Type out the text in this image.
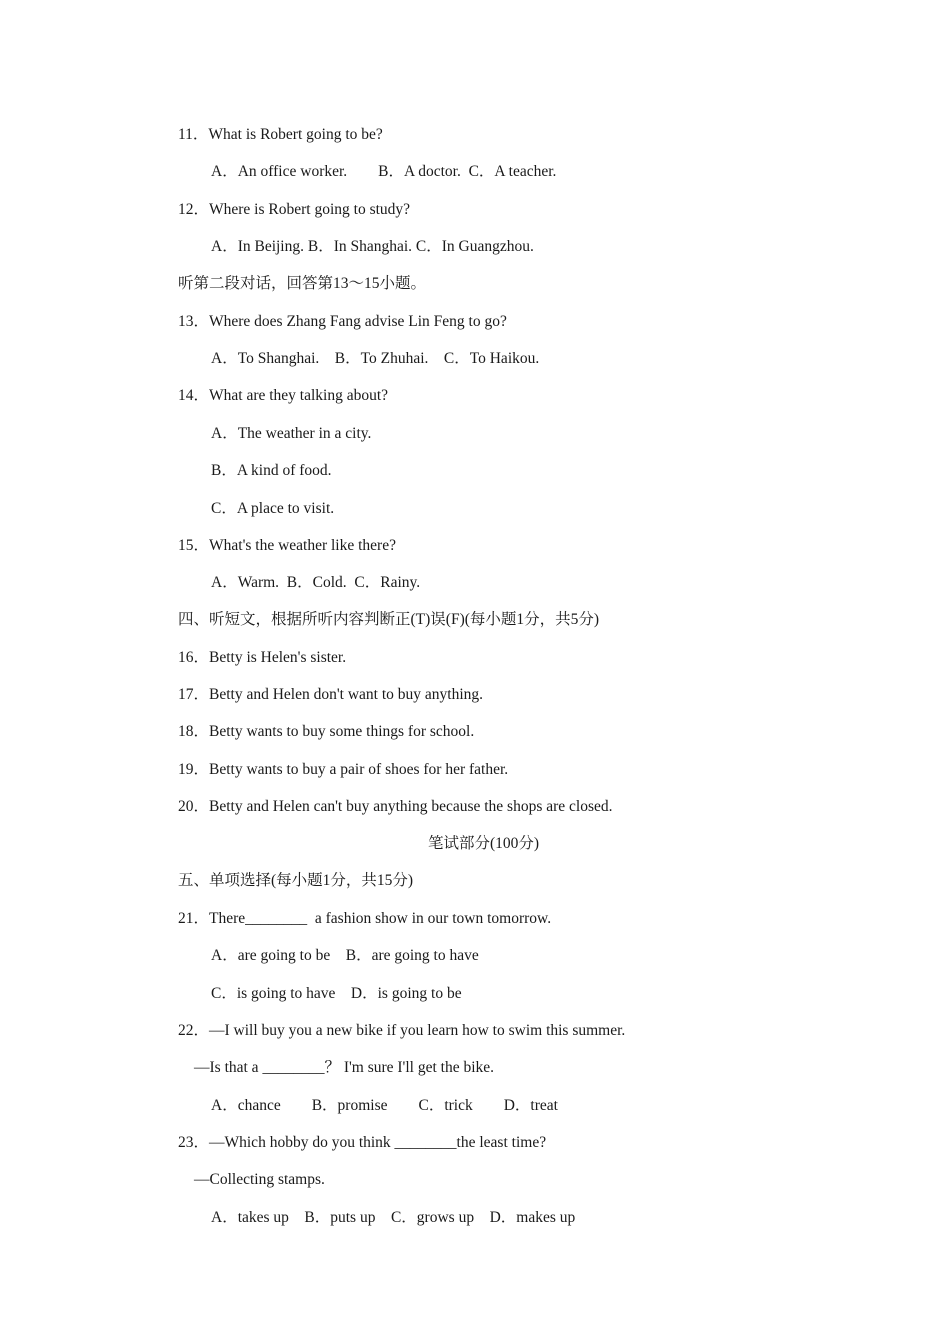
11．What is Robert going to be?
A．An office worker.　　B．A doctor.  C．A teacher.
12．Where is Robert going to study?
A．In Beijing. B．In Shanghai. C．In Guangzhou.
听第二段对话，回答第13～15小题。
13．Where does Zhang Fang advise Lin Feng to go?
A．To Shanghai.　B．To Zhuhai.　C．To Haikou.
14．What are they talking about?
A．The weather in a city.
B．A kind of food.
C．A place to visit.
15．What's the weather like there?
A．Warm.  B．Cold.  C．Rainy.
四、听短文，根据所听内容判断正(T)误(F)(每小题1分，共5分)
16．Betty is Helen's sister.
17．Betty and Helen don't want to buy anything.
18．Betty wants to buy some things for school.
19．Betty wants to buy a pair of shoes for her father.
20．Betty and Helen can't buy anything because the shops are closed.
笔试部分(100分)
五、单项选择(每小题1分，共15分)
21．There________  a fashion show in our town tomorrow.
A．are going to be　B．are going to have
C．is going to have　D．is going to be
22．—I will buy you a new bike if you learn how to swim this summer.
—Is that a ________？ I'm sure I'll get the bike.
A．chance　　B．promise　　C．trick　　D．treat
23．—Which hobby do you think ________the least time?
—Collecting stamps.
A．takes up　B．puts up　C．grows up　D．makes up
